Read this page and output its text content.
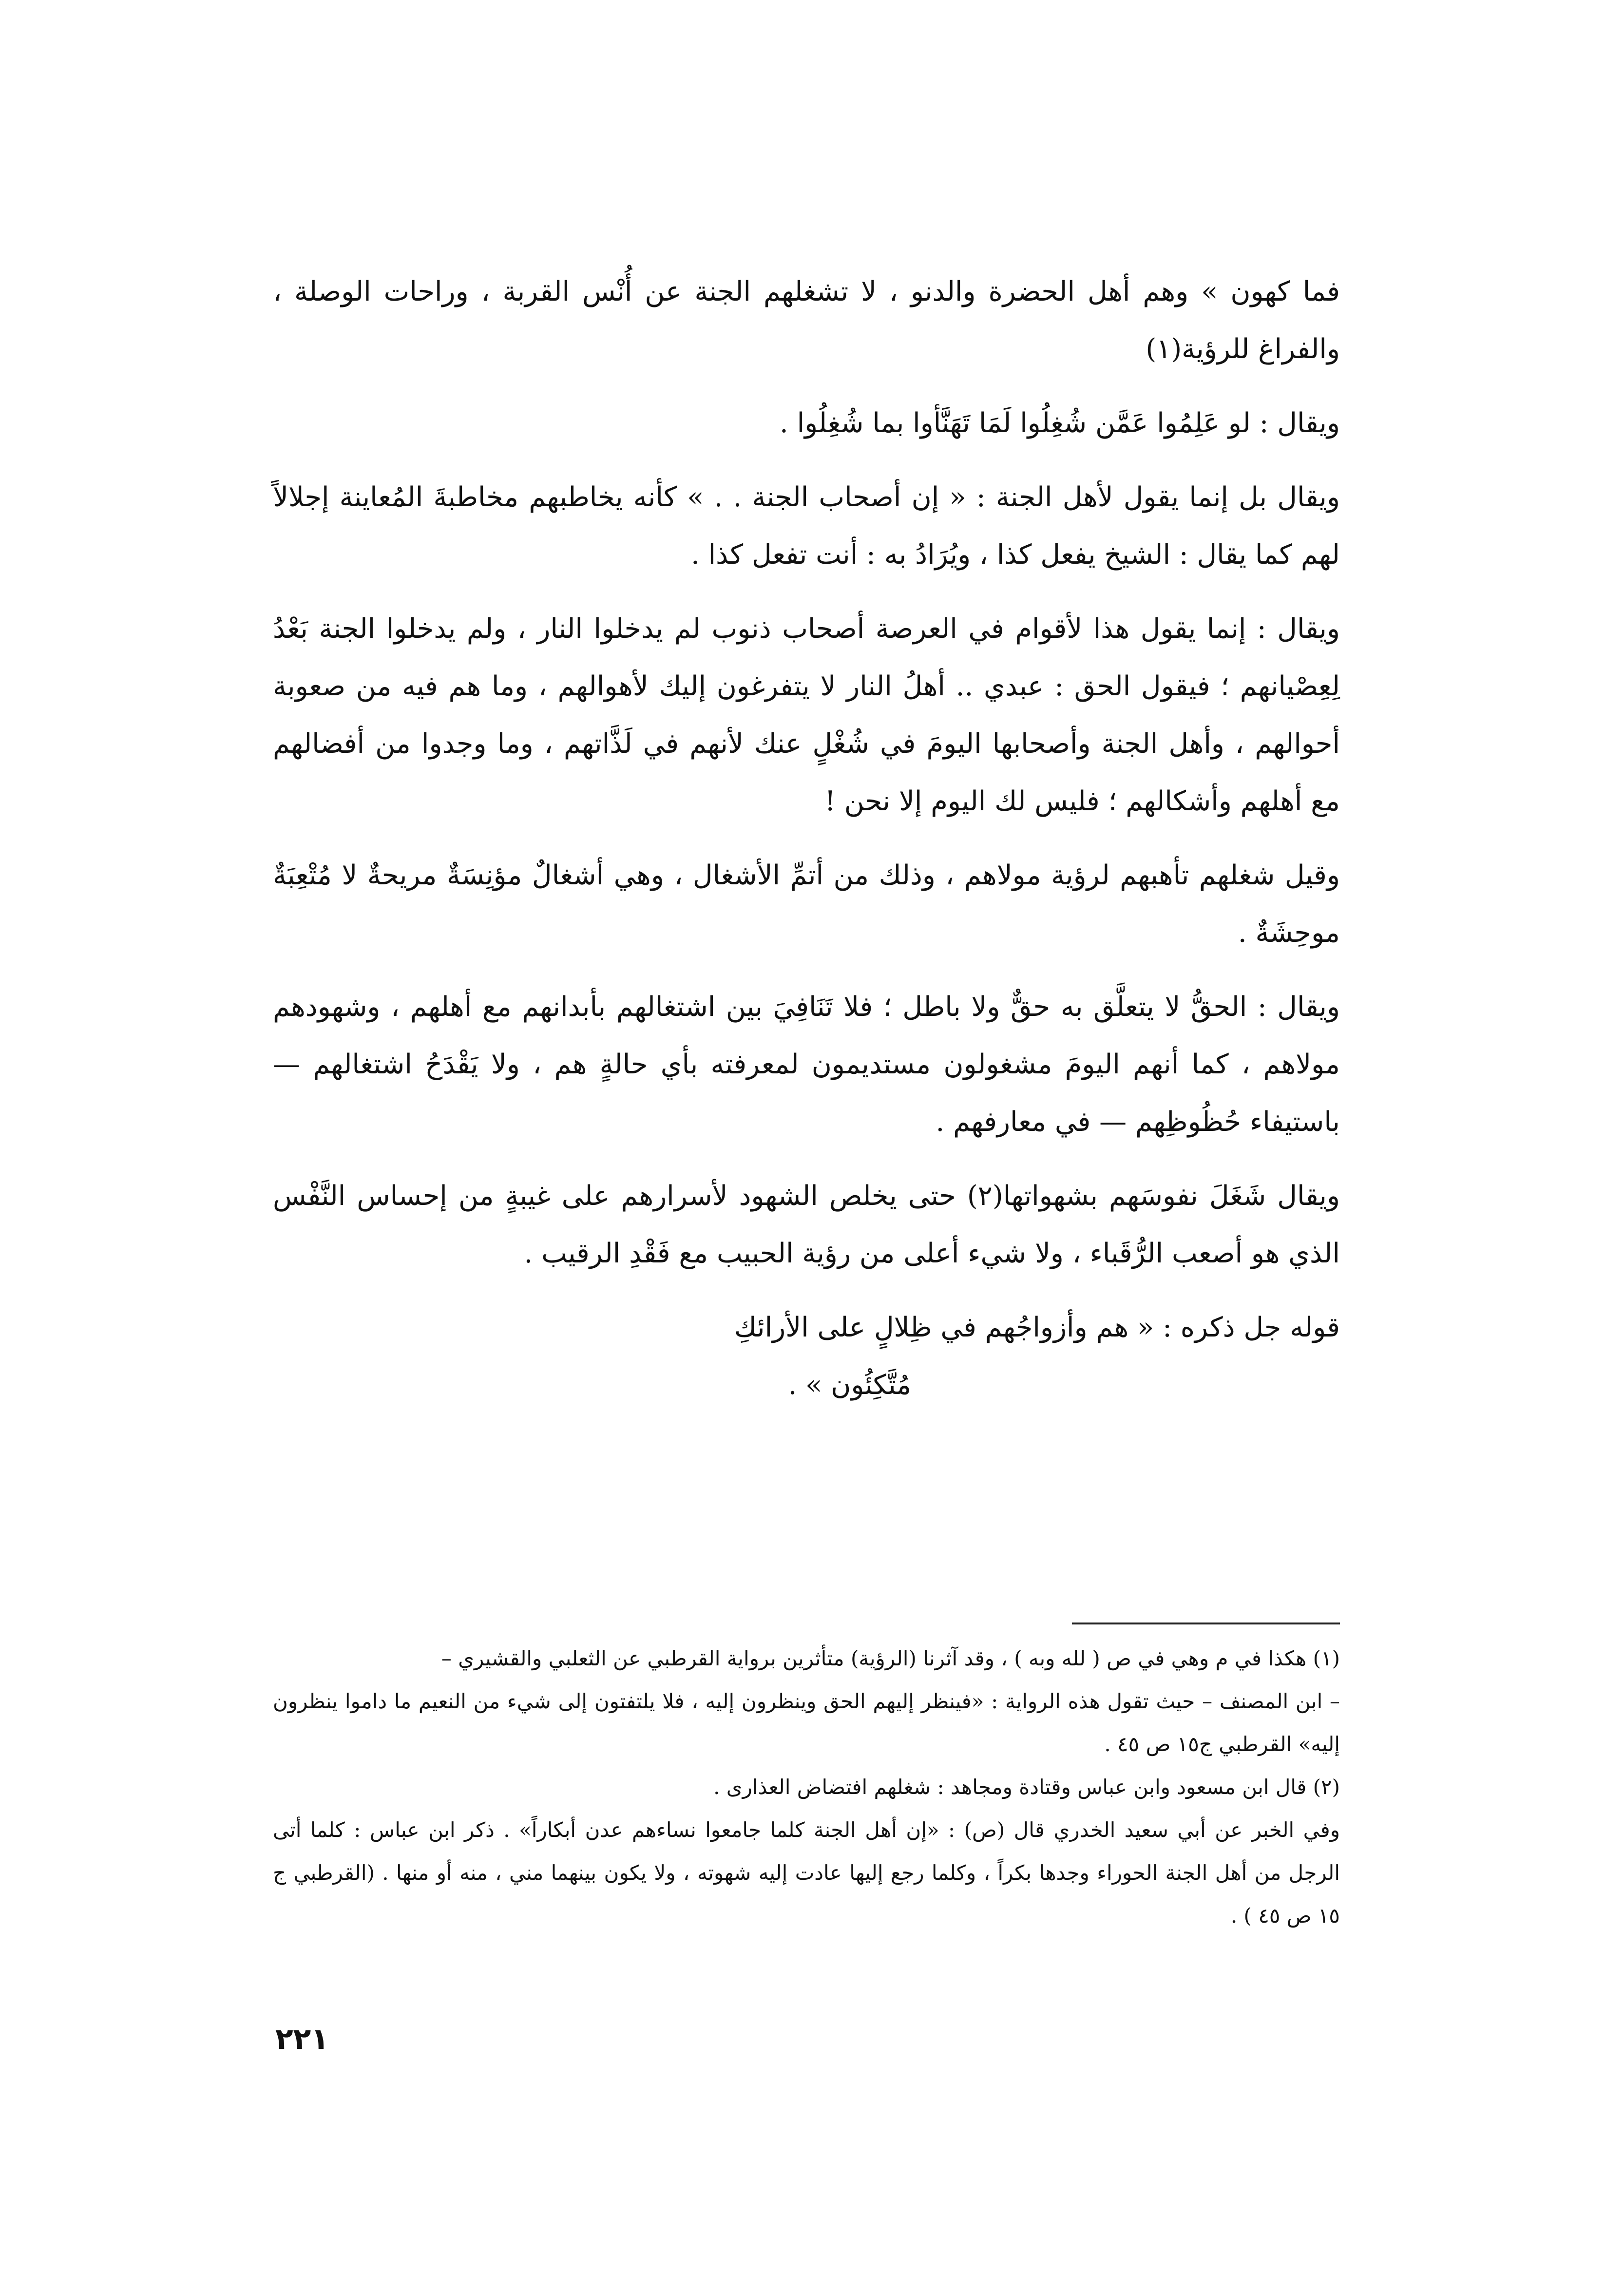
فما كهون » وهم أهل الحضرة والدنو ، لا تشغلهم الجنة عن أُنْس القربة ، وراحات الوصلة ، والفراغ للرؤية(١)

ويقال : لو عَلِمُوا عَمَّن شُغِلُوا لَمَا تَهَنَّأوا بما شُغِلُوا .

ويقال بل إنما يقول لأهل الجنة : « إن أصحاب الجنة . . » كأنه يخاطبهم مخاطبةَ المُعاينة إجلالاً لهم كما يقال : الشيخ يفعل كذا ، ويُرَادُ به : أنت تفعل كذا .

ويقال : إنما يقول هذا لأقوام في العرصة أصحاب ذنوب لم يدخلوا النار ، ولم يدخلوا الجنة بَعْدُ لِعِصْيانهم ؛ فيقول الحق : عبدي .. أهلُ النار لا يتفرغون إليك لأهوالهم ، وما هم فيه من صعوبة أحوالهم ، وأهل الجنة وأصحابها اليومَ في شُغْلٍ عنك لأنهم في لَذَّاتهم ، وما وجدوا من أفضالهم مع أهلهم وأشكالهم ؛ فليس لك اليوم إلا نحن !

وقيل شغلهم تأهبهم لرؤية مولاهم ، وذلك من أتمِّ الأشغال ، وهي أشغالٌ مؤنِسَةٌ مريحةٌ لا مُتْعِبَةٌ موحِشَةٌ .

ويقال : الحقُّ لا يتعلَّق به حقٌّ ولا باطل ؛ فلا تَنَافِيَ بين اشتغالهم بأبدانهم مع أهلهم ، وشهودهم مولاهم ، كما أنهم اليومَ مشغولون مستديمون لمعرفته بأي حالةٍ هم ، ولا يَقْدَحُ اشتغالهم — باستيفاء حُظُوظِهم — في معارفهم .

ويقال شَغَلَ نفوسَهم بشهواتها(٢) حتى يخلص الشهود لأسرارهم على غيبةٍ من إحساس النَّفْس الذي هو أصعب الرُّقَباء ، ولا شيء أعلى من رؤية الحبيب مع فَقْدِ الرقيب .

قوله جل ذكره : « هم وأزواجُهم في ظِلالٍ على الأرائكِ

مُتَّكِئُون » .

(١) هكذا في م وهي في ص ( لله وبه ) ، وقد آثرنا (الرؤية) متأثرين برواية القرطبي عن الثعلبي والقشيري –

– ابن المصنف – حيث تقول هذه الرواية : «فينظر إليهم الحق وينظرون إليه ، فلا يلتفتون إلى شيء من النعيم ما داموا ينظرون إليه» القرطبي ج١٥ ص ٤٥ .

(٢) قال ابن مسعود وابن عباس وقتادة ومجاهد : شغلهم افتضاض العذارى .

وفي الخبر عن أبي سعيد الخدري قال (ص) : «إن أهل الجنة كلما جامعوا نساءهم عدن أبكاراً» . ذكر ابن عباس : كلما أتى الرجل من أهل الجنة الحوراء وجدها بكراً ، وكلما رجع إليها عادت إليه شهوته ، ولا يكون بينهما مني ، منه أو منها . (القرطبي ج ١٥ ص ٤٥ ) .

٢٢١
